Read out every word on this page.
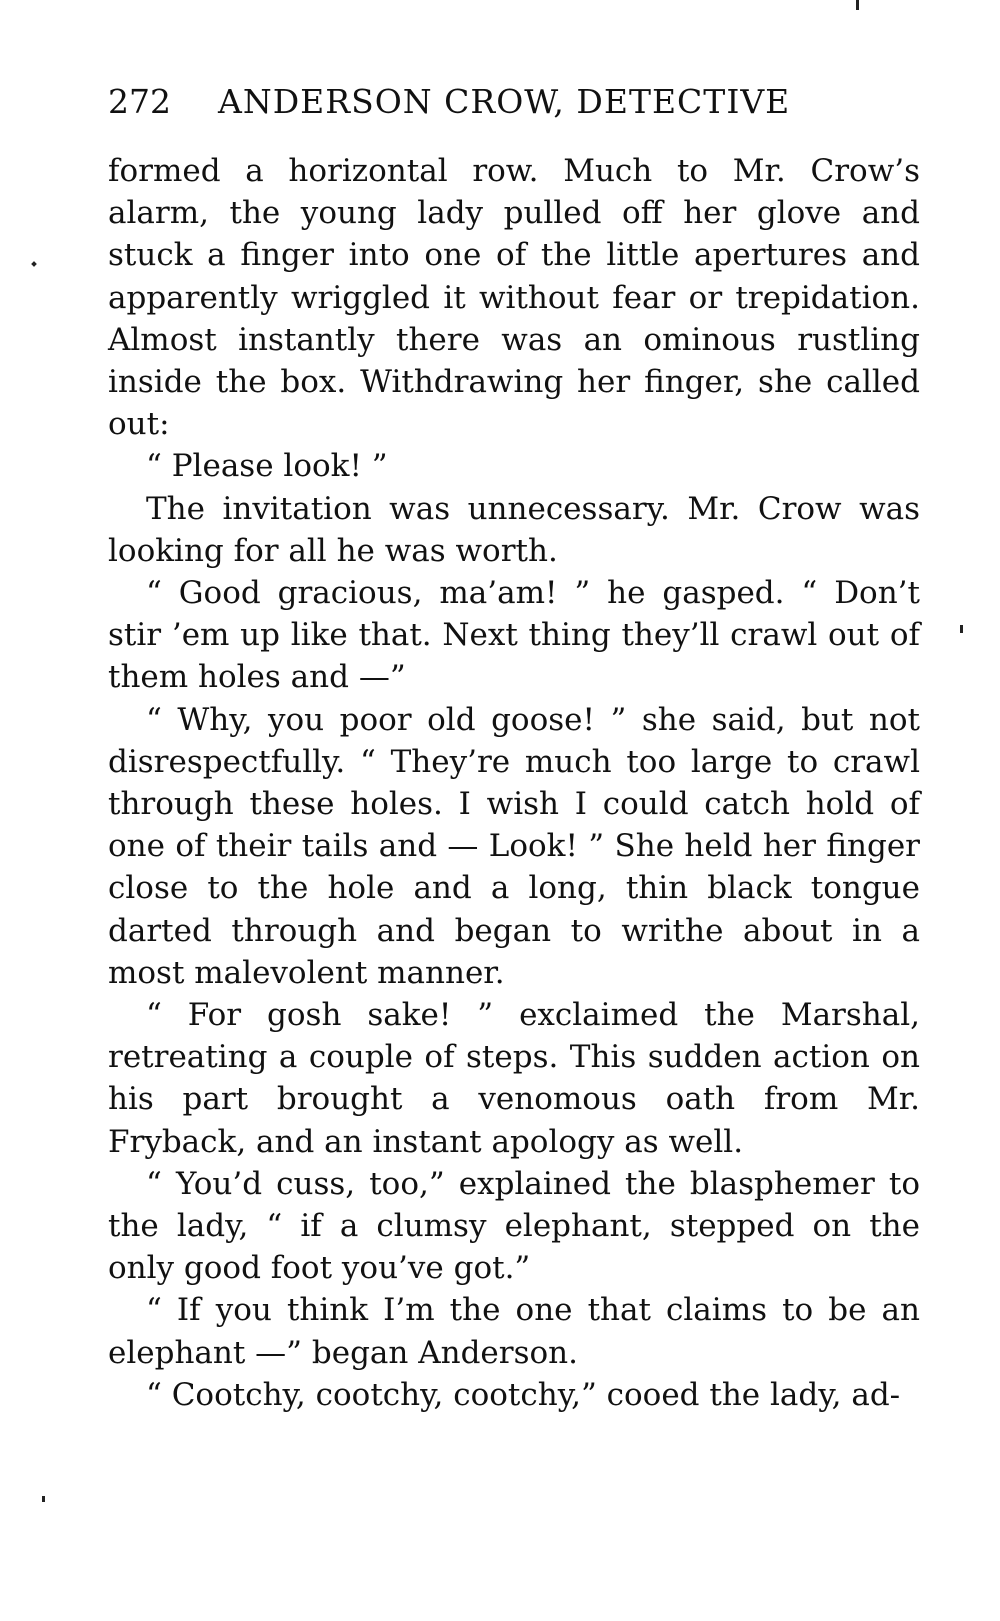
272 ANDERSON CROW, DETECTIVE

formed a horizontal row. Much to Mr. Crow’s alarm, the young lady pulled off her glove and stuck a finger into one of the little apertures and apparently wriggled it without fear or trepidation. Almost instantly there was an ominous rustling inside the box. Withdrawing her finger, she called out:

“ Please look! ”

The invitation was unnecessary. Mr. Crow was looking for all he was worth.

“ Good gracious, ma’am! ” he gasped. “ Don’t stir ’em up like that. Next thing they’ll crawl out of them holes and —”

“ Why, you poor old goose! ” she said, but not disrespectfully. “ They’re much too large to crawl through these holes. I wish I could catch hold of one of their tails and — Look! ” She held her finger close to the hole and a long, thin black tongue darted through and began to writhe about in a most malevolent manner.

“ For gosh sake! ” exclaimed the Marshal, retreating a couple of steps. This sudden action on his part brought a venomous oath from Mr. Fryback, and an instant apology as well.

“ You’d cuss, too,” explained the blasphemer to the lady, “ if a clumsy elephant, stepped on the only good foot you’ve got.”

“ If you think I’m the one that claims to be an elephant —” began Anderson.

“ Cootchy, cootchy, cootchy,” cooed the lady, ad-
